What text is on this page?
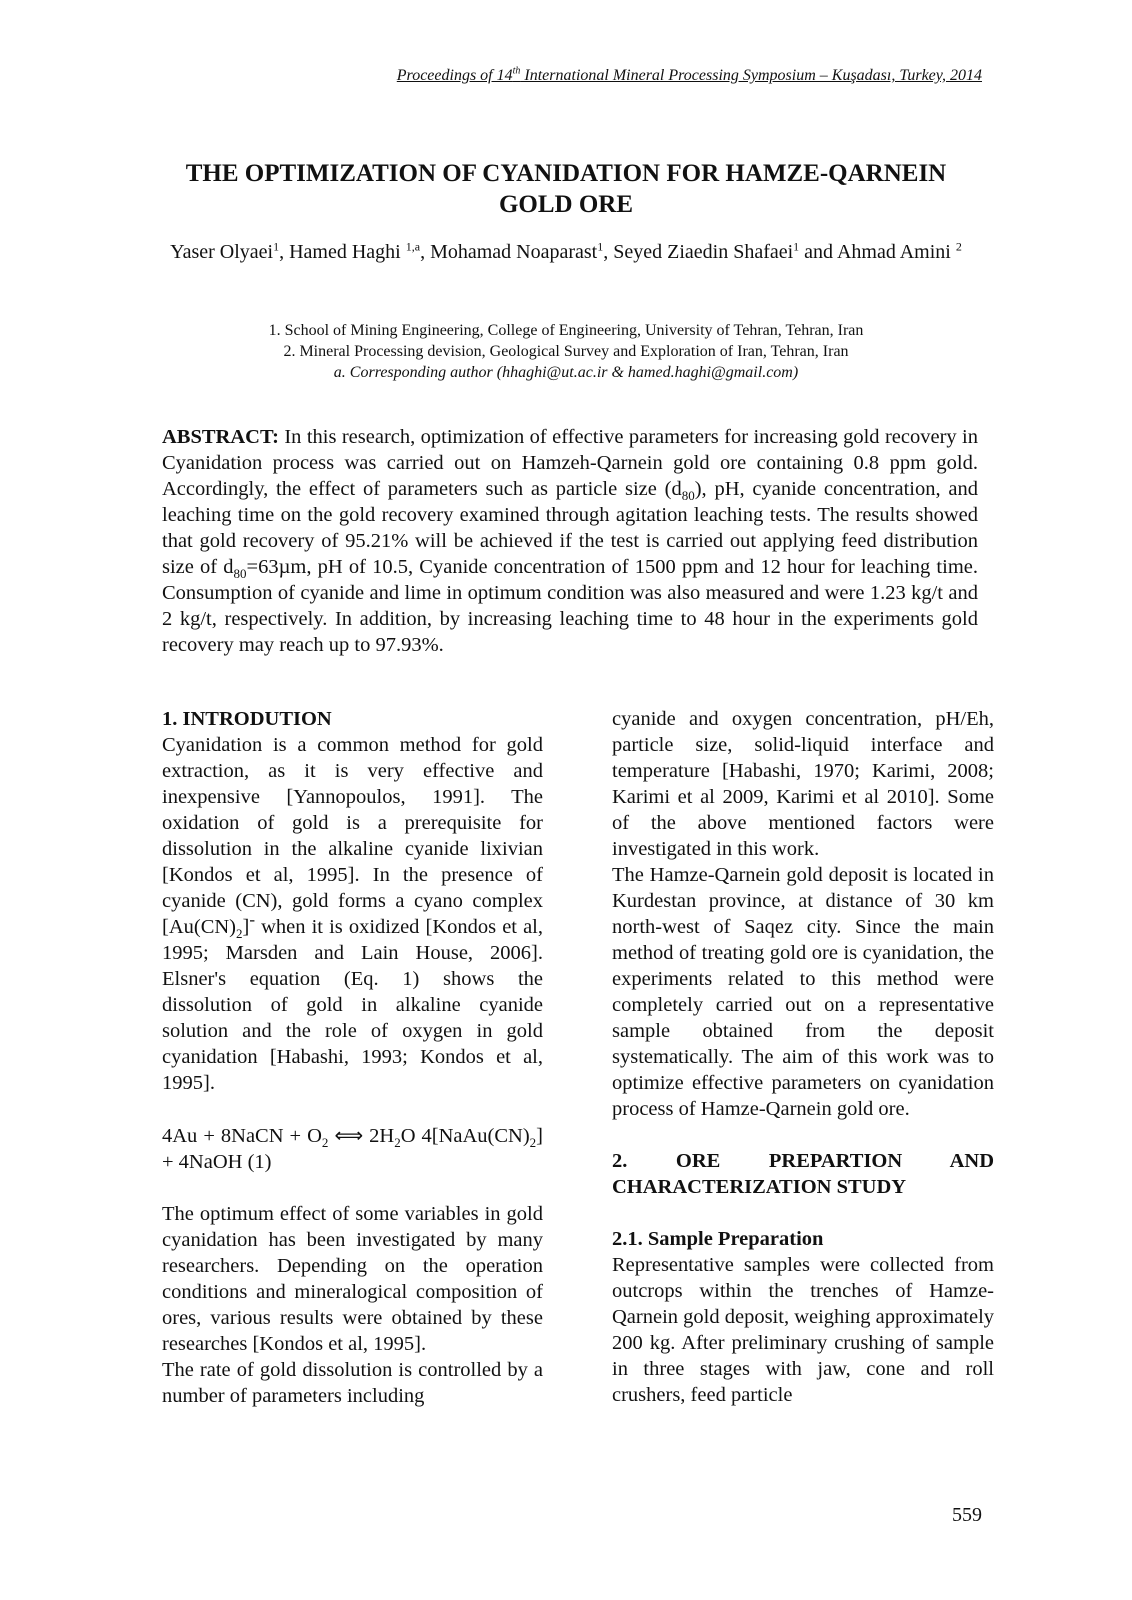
Proceedings of 14th International Mineral Processing Symposium – Kuşadası, Turkey, 2014
THE OPTIMIZATION OF CYANIDATION FOR HAMZE-QARNEIN GOLD ORE
Yaser Olyaei$^1$, Hamed Haghi $^{1,a}$, Mohamad Noaparast$^1$, Seyed Ziaedin Shafaei$^1$ and Ahmad Amini $^2$
1. School of Mining Engineering, College of Engineering, University of Tehran, Tehran, Iran
2. Mineral Processing devision, Geological Survey and Exploration of Iran, Tehran, Iran
a. Corresponding author (hhaghi@ut.ac.ir & hamed.haghi@gmail.com)

ABSTRACT: In this research, optimization of effective parameters for increasing gold recovery in Cyanidation process was carried out on Hamzeh-Qarnein gold ore containing 0.8 ppm gold. Accordingly, the effect of parameters such as particle size $(d_{80})$, pH, cyanide concentration, and leaching time on the gold recovery examined through agitation leaching tests. The results showed that gold recovery of 95.21% will be achieved if the test is carried out applying feed distribution size of $d_{80}=63\mu m$, pH of 10.5, Cyanide concentration of 1500 ppm and 12 hour for leaching time. Consumption of cyanide and lime in optimum condition was also measured and were 1.23 kg/t and 2 kg/t, respectively. In addition, by increasing leaching time to 48 hour in the experiments gold recovery may reach up to 97.93%.

1. INTRODUTION

Cyanidation is a common method for gold extraction, as it is very effective and inexpensive [Yannopoulos, 1991]. The oxidation of gold is a prerequisite for dissolution in the alkaline cyanide lixivian [Kondos et al, 1995]. In the presence of cyanide (CN), gold forms a cyano complex $[Au(CN)_2]^-$ when it is oxidized [Kondos et al, 1995; Marsden and Lain House, 2006]. Elsner's equation (Eq. 1) shows the dissolution of gold in alkaline cyanide solution and the role of oxygen in gold cyanidation [Habashi, 1993; Kondos et al, 1995].

4Au + 8NaCN + $O_2$ ⟺ $2H_2O$ $4[NaAu(CN)_2]$ + 4NaOH (1)

The optimum effect of some variables in gold cyanidation has been investigated by many researchers. Depending on the operation conditions and mineralogical composition of ores, various results were obtained by these researches [Kondos et al, 1995].

The rate of gold dissolution is controlled by a number of parameters including

cyanide and oxygen concentration, pH/Eh, particle size, solid-liquid interface and temperature [Habashi, 1970; Karimi, 2008; Karimi et al 2009, Karimi et al 2010]. Some of the above mentioned factors were investigated in this work.

The Hamze-Qarnein gold deposit is located in Kurdestan province, at distance of 30 km north-west of Saqez city. Since the main method of treating gold ore is cyanidation, the experiments related to this method were completely carried out on a representative sample obtained from the deposit systematically. The aim of this work was to optimize effective parameters on cyanidation process of Hamze-Qarnein gold ore.

2. ORE PREPARTION AND CHARACTERIZATION STUDY
2.1. Sample Preparation

Representative samples were collected from outcrops within the trenches of Hamze-Qarnein gold deposit, weighing approximately 200 kg. After preliminary crushing of sample in three stages with jaw, cone and roll crushers, feed particle

559
